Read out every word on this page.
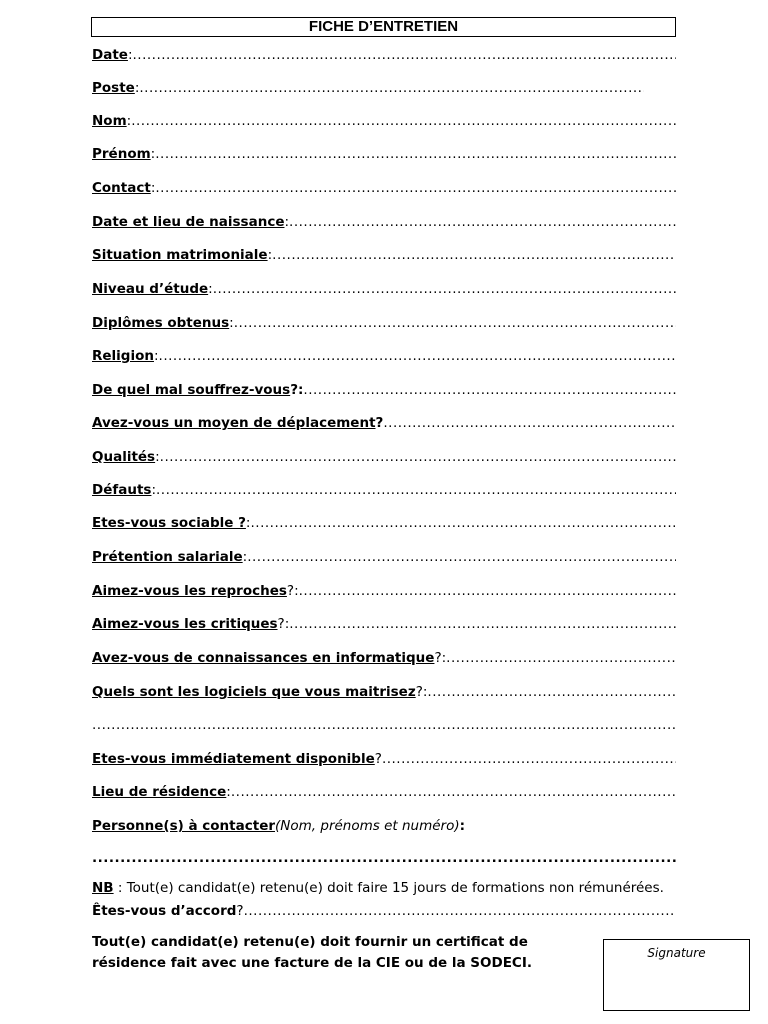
FICHE D’ENTRETIEN
Date :
.....
Poste :
.....
Nom :
.....
Prénom :
.....
Contact :
.....
Date et lieu de naissance :
.....
Situation matrimoniale :
.....
Niveau d’étude :
.....
Diplômes obtenus :
.....
Religion :
.....
De quel mal souffrez-vous ?:
.....
Avez-vous un moyen de déplacement ?
.....
Qualités :
.....
Défauts :
.....
Etes-vous sociable ? :
.....
Prétention salariale :
.....
Aimez-vous les reproches ?:
.....
Aimez-vous les critiques ?:
.....
Avez-vous de connaissances en informatique ?:
.....
Quels sont les logiciels que vous maitrisez ?:
.....
.....
Etes-vous immédiatement disponible ?
.....
Lieu de résidence :
.....
Personne(s) à contacter (Nom, prénoms et numéro) :
.....
NB : Tout(e) candidat(e) retenu(e) doit faire 15 jours de formations non rémunérées.
Êtes-vous d’accord ?
.....
Tout(e) candidat(e) retenu(e) doit fournir un certificat de résidence fait avec une facture de la CIE ou de la SODECI.
Signature
